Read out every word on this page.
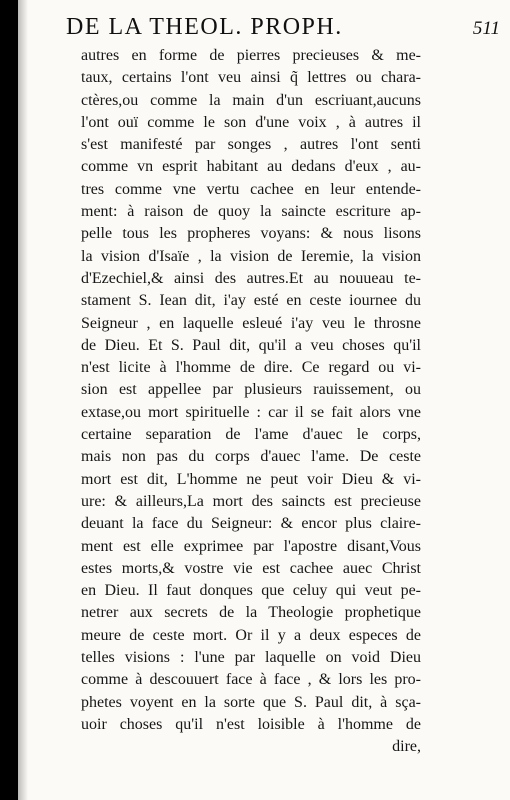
DE LA THEOL. PROPH.	511
autres en forme de pierres precieuses & me-
taux, certains l'ont veu ainsi q̃ lettres ou chara-
ctères,ou comme la main d'un escriuant,aucuns
l'ont ouï comme le son d'une voix , à autres il
s'est manifesté par songes , autres l'ont senti
comme vn esprit habitant au dedans d'eux , au-
tres comme vne vertu cachee en leur entende-
ment: à raison de quoy la saincte escriture ap-
pelle tous les propheres voyans: & nous lisons
la vision d'Isaïe , la vision de Ieremie, la vision
d'Ezechiel,& ainsi des autres.Et au nouueau te-
stament S. Iean dit, i'ay esté en ceste iournee du
Seigneur , en laquelle esleué i'ay veu le throsne
de Dieu. Et S. Paul dit, qu'il a veu choses qu'il
n'est licite à l'homme de dire. Ce regard ou vi-
sion est appellee par plusieurs rauissement, ou
extase,ou mort spirituelle : car il se fait alors vne
certaine separation de l'ame d'auec le corps,
mais non pas du corps d'auec l'ame. De ceste
mort est dit, L'homme ne peut voir Dieu & vi-
ure: & ailleurs,La mort des saincts est precieuse
deuant la face du Seigneur: & encor plus claire-
ment est elle exprimee par l'apostre disant,Vous
estes morts,& vostre vie est cachee auec Christ
en Dieu. Il faut donques que celuy qui veut pe-
netrer aux secrets de la Theologie prophetique
meure de ceste mort. Or il y a deux especes de
telles visions : l'une par laquelle on void Dieu
comme à descouuert face à face , & lors les pro-
phetes voyent en la sorte que S. Paul dit, à sça-
uoir choses qu'il n'est loisible à l'homme de
dire,
